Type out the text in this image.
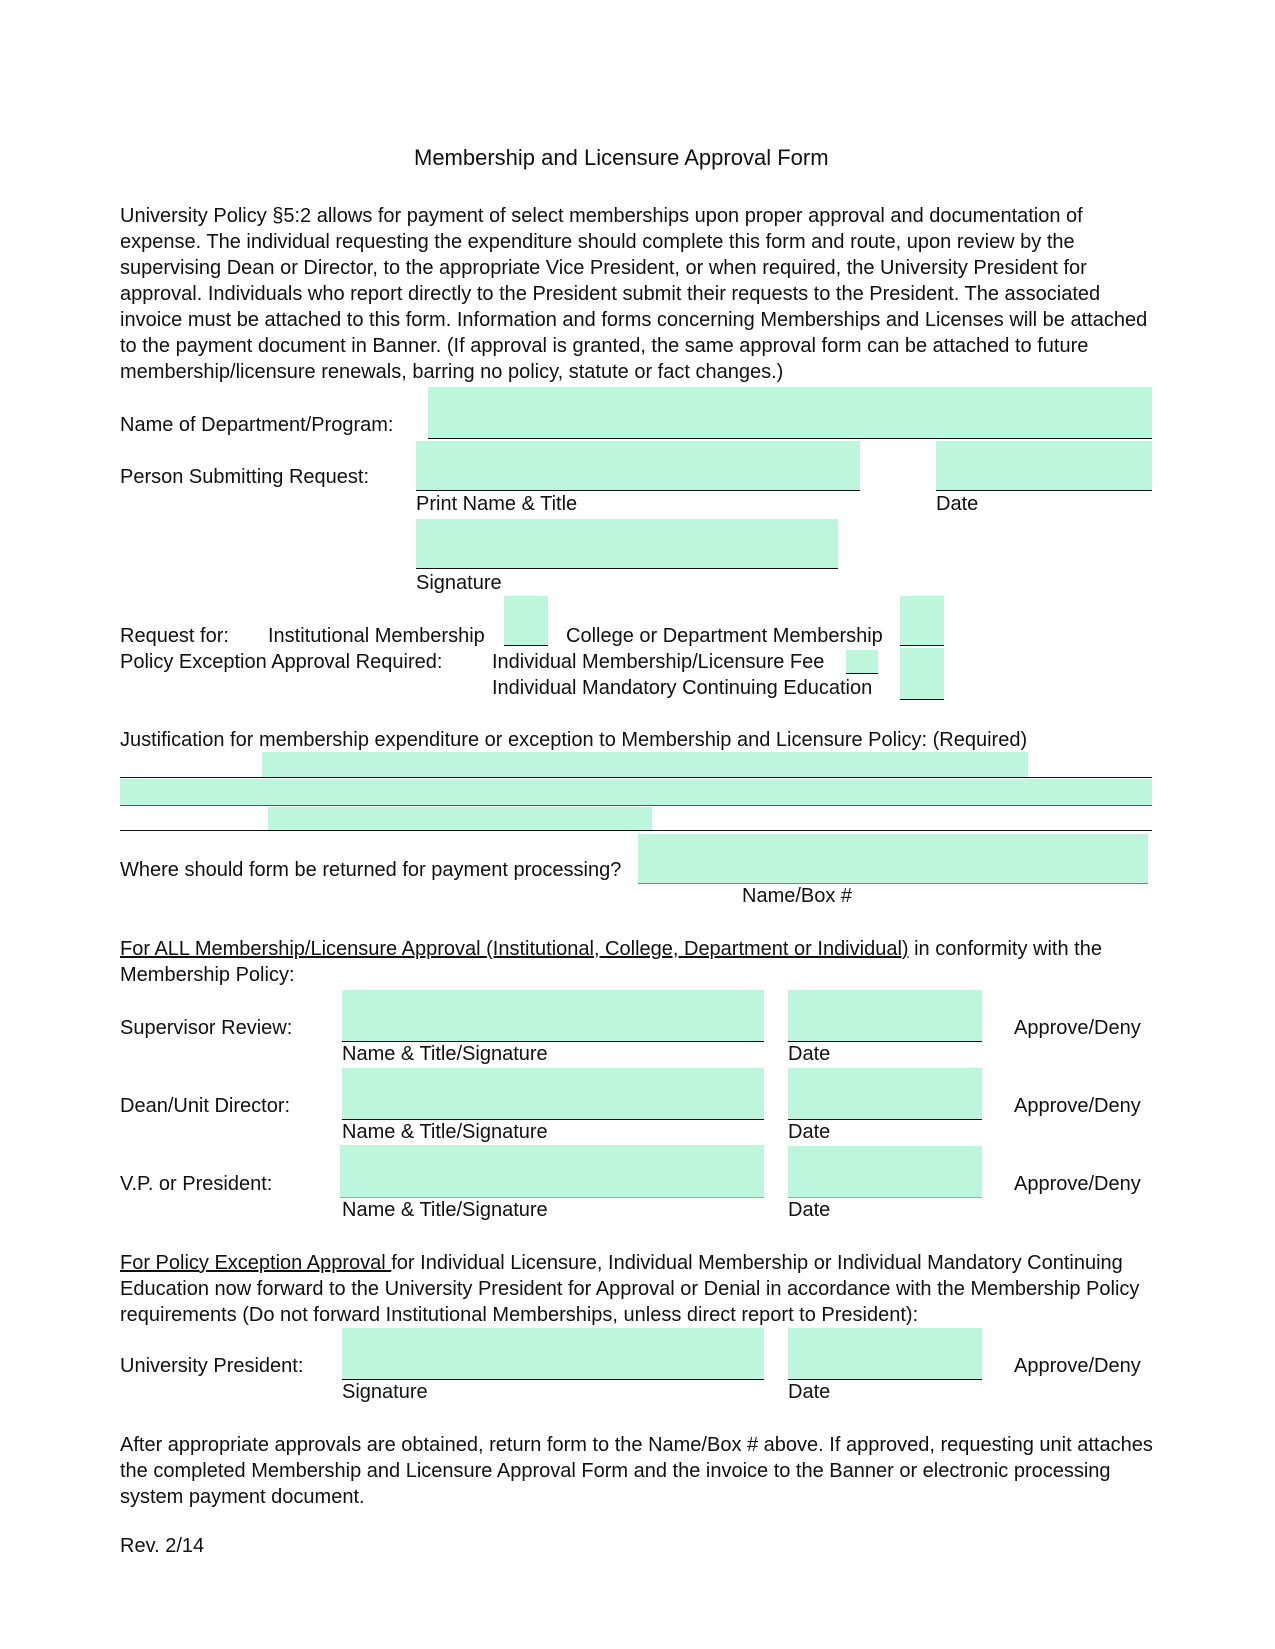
Membership and Licensure Approval Form
University Policy §5:2 allows for payment of select memberships upon proper approval and documentation of expense. The individual requesting the expenditure should complete this form and route, upon review by the supervising Dean or Director, to the appropriate Vice President, or when required, the University President for approval. Individuals who report directly to the President submit their requests to the President. The associated invoice must be attached to this form. Information and forms concerning Memberships and Licenses will be attached to the payment document in Banner. (If approval is granted, the same approval form can be attached to future membership/licensure renewals, barring no policy, statute or fact changes.)
Name of Department/Program:
Person Submitting Request:
Print Name & Title	Date
Signature
Request for: Institutional Membership	College or Department Membership
Policy Exception Approval Required: Individual Membership/Licensure Fee
Individual Mandatory Continuing Education
Justification for membership expenditure or exception to Membership and Licensure Policy: (Required)
Where should form be returned for payment processing?
Name/Box #
For ALL Membership/Licensure Approval (Institutional, College, Department or Individual) in conformity with the Membership Policy:
Supervisor Review:	Approve/Deny
Name & Title/Signature	Date
Dean/Unit Director:	Approve/Deny
Name & Title/Signature	Date
V.P. or President:	Approve/Deny
Name & Title/Signature	Date
For Policy Exception Approval for Individual Licensure, Individual Membership or Individual Mandatory Continuing Education now forward to the University President for Approval or Denial in accordance with the Membership Policy requirements (Do not forward Institutional Memberships, unless direct report to President):
University President:	Approve/Deny
Signature	Date
After appropriate approvals are obtained, return form to the Name/Box # above. If approved, requesting unit attaches the completed Membership and Licensure Approval Form and the invoice to the Banner or electronic processing system payment document.
Rev. 2/14
